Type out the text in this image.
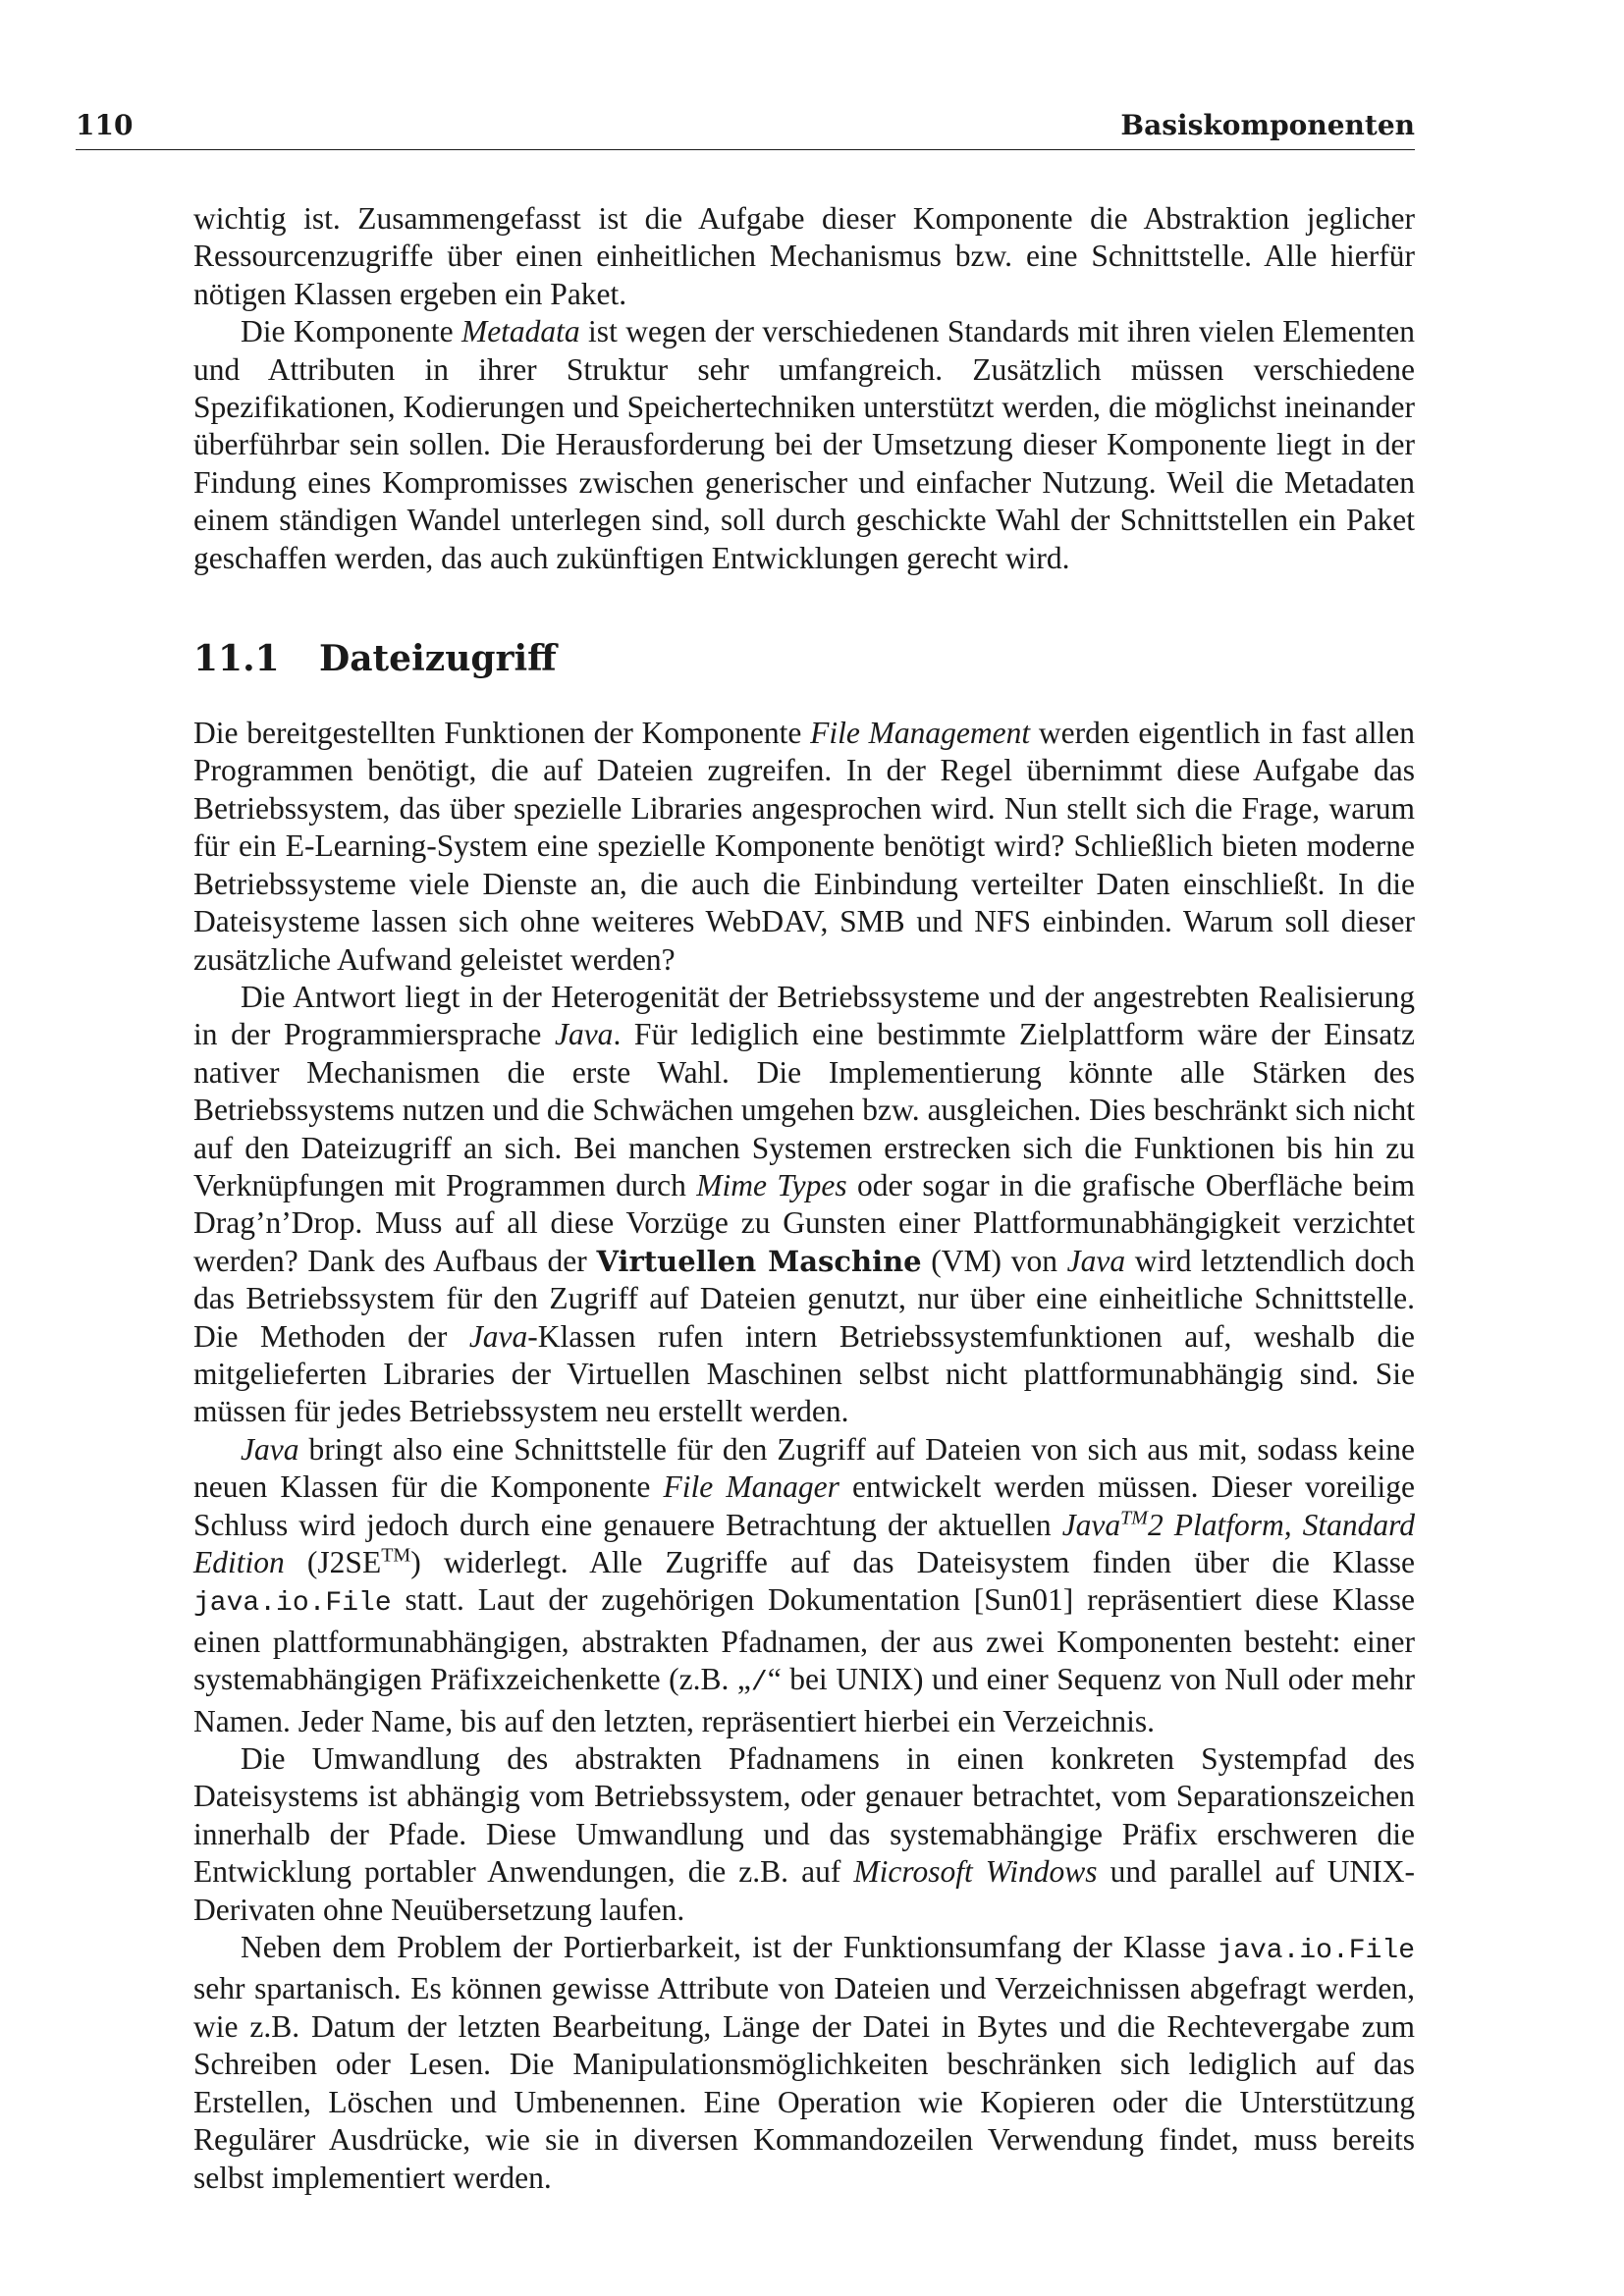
110	Basiskomponenten

wichtig ist. Zusammengefasst ist die Aufgabe dieser Komponente die Abstraktion jeglicher Ressourcenzugriffe über einen einheitlichen Mechanismus bzw. eine Schnittstelle. Alle hierfür nötigen Klassen ergeben ein Paket.

Die Komponente Metadata ist wegen der verschiedenen Standards mit ihren vielen Elementen und Attributen in ihrer Struktur sehr umfangreich. Zusätzlich müssen verschiedene Spezifikationen, Kodierungen und Speichertechniken unterstützt werden, die möglichst ineinander überführbar sein sollen. Die Herausforderung bei der Umsetzung dieser Komponente liegt in der Findung eines Kompromisses zwischen generischer und einfacher Nutzung. Weil die Metadaten einem ständigen Wandel unterlegen sind, soll durch geschickte Wahl der Schnittstellen ein Paket geschaffen werden, das auch zukünftigen Entwicklungen gerecht wird.

11.1 Dateizugriff

Die bereitgestellten Funktionen der Komponente File Management werden eigentlich in fast allen Programmen benötigt, die auf Dateien zugreifen. In der Regel übernimmt diese Aufgabe das Betriebssystem, das über spezielle Libraries angesprochen wird. Nun stellt sich die Frage, warum für ein E-Learning-System eine spezielle Komponente benötigt wird? Schließlich bieten moderne Betriebssysteme viele Dienste an, die auch die Einbindung verteilter Daten einschließt. In die Dateisysteme lassen sich ohne weiteres WebDAV, SMB und NFS einbinden. Warum soll dieser zusätzliche Aufwand geleistet werden?

Die Antwort liegt in der Heterogenität der Betriebssysteme und der angestrebten Realisierung in der Programmiersprache Java. Für lediglich eine bestimmte Zielplattform wäre der Einsatz nativer Mechanismen die erste Wahl. Die Implementierung könnte alle Stärken des Betriebssystems nutzen und die Schwächen umgehen bzw. ausgleichen. Dies beschränkt sich nicht auf den Dateizugriff an sich. Bei manchen Systemen erstrecken sich die Funktionen bis hin zu Verknüpfungen mit Programmen durch Mime Types oder sogar in die grafische Oberfläche beim Drag’n’Drop. Muss auf all diese Vorzüge zu Gunsten einer Plattformunabhängigkeit verzichtet werden? Dank des Aufbaus der Virtuellen Maschine (VM) von Java wird letztendlich doch das Betriebssystem für den Zugriff auf Dateien genutzt, nur über eine einheitliche Schnittstelle. Die Methoden der Java-Klassen rufen intern Betriebssystemfunktionen auf, weshalb die mitgelieferten Libraries der Virtuellen Maschinen selbst nicht plattformunabhängig sind. Sie müssen für jedes Betriebssystem neu erstellt werden.

Java bringt also eine Schnittstelle für den Zugriff auf Dateien von sich aus mit, sodass keine neuen Klassen für die Komponente File Manager entwickelt werden müssen. Dieser voreilige Schluss wird jedoch durch eine genauere Betrachtung der aktuellen Java™2 Platform, Standard Edition (J2SE™) widerlegt. Alle Zugriffe auf das Dateisystem finden über die Klasse java.io.File statt. Laut der zugehörigen Dokumentation [Sun01] repräsentiert diese Klasse einen plattformunabhängigen, abstrakten Pfadnamen, der aus zwei Komponenten besteht: einer systemabhängigen Präfixzeichenkette (z.B. „/“ bei UNIX) und einer Sequenz von Null oder mehr Namen. Jeder Name, bis auf den letzten, repräsentiert hierbei ein Verzeichnis.

Die Umwandlung des abstrakten Pfadnamens in einen konkreten Systempfad des Dateisystems ist abhängig vom Betriebssystem, oder genauer betrachtet, vom Separationszeichen innerhalb der Pfade. Diese Umwandlung und das systemabhängige Präfix erschweren die Entwicklung portabler Anwendungen, die z.B. auf Microsoft Windows und parallel auf UNIX-Derivaten ohne Neuübersetzung laufen.

Neben dem Problem der Portierbarkeit, ist der Funktionsumfang der Klasse java.io.File sehr spartanisch. Es können gewisse Attribute von Dateien und Verzeichnissen abgefragt werden, wie z.B. Datum der letzten Bearbeitung, Länge der Datei in Bytes und die Rechtevergabe zum Schreiben oder Lesen. Die Manipulationsmöglichkeiten beschränken sich lediglich auf das Erstellen, Löschen und Umbenennen. Eine Operation wie Kopieren oder die Unterstützung Regulärer Ausdrücke, wie sie in diversen Kommandozeilen Verwendung findet, muss bereits selbst implementiert werden.
